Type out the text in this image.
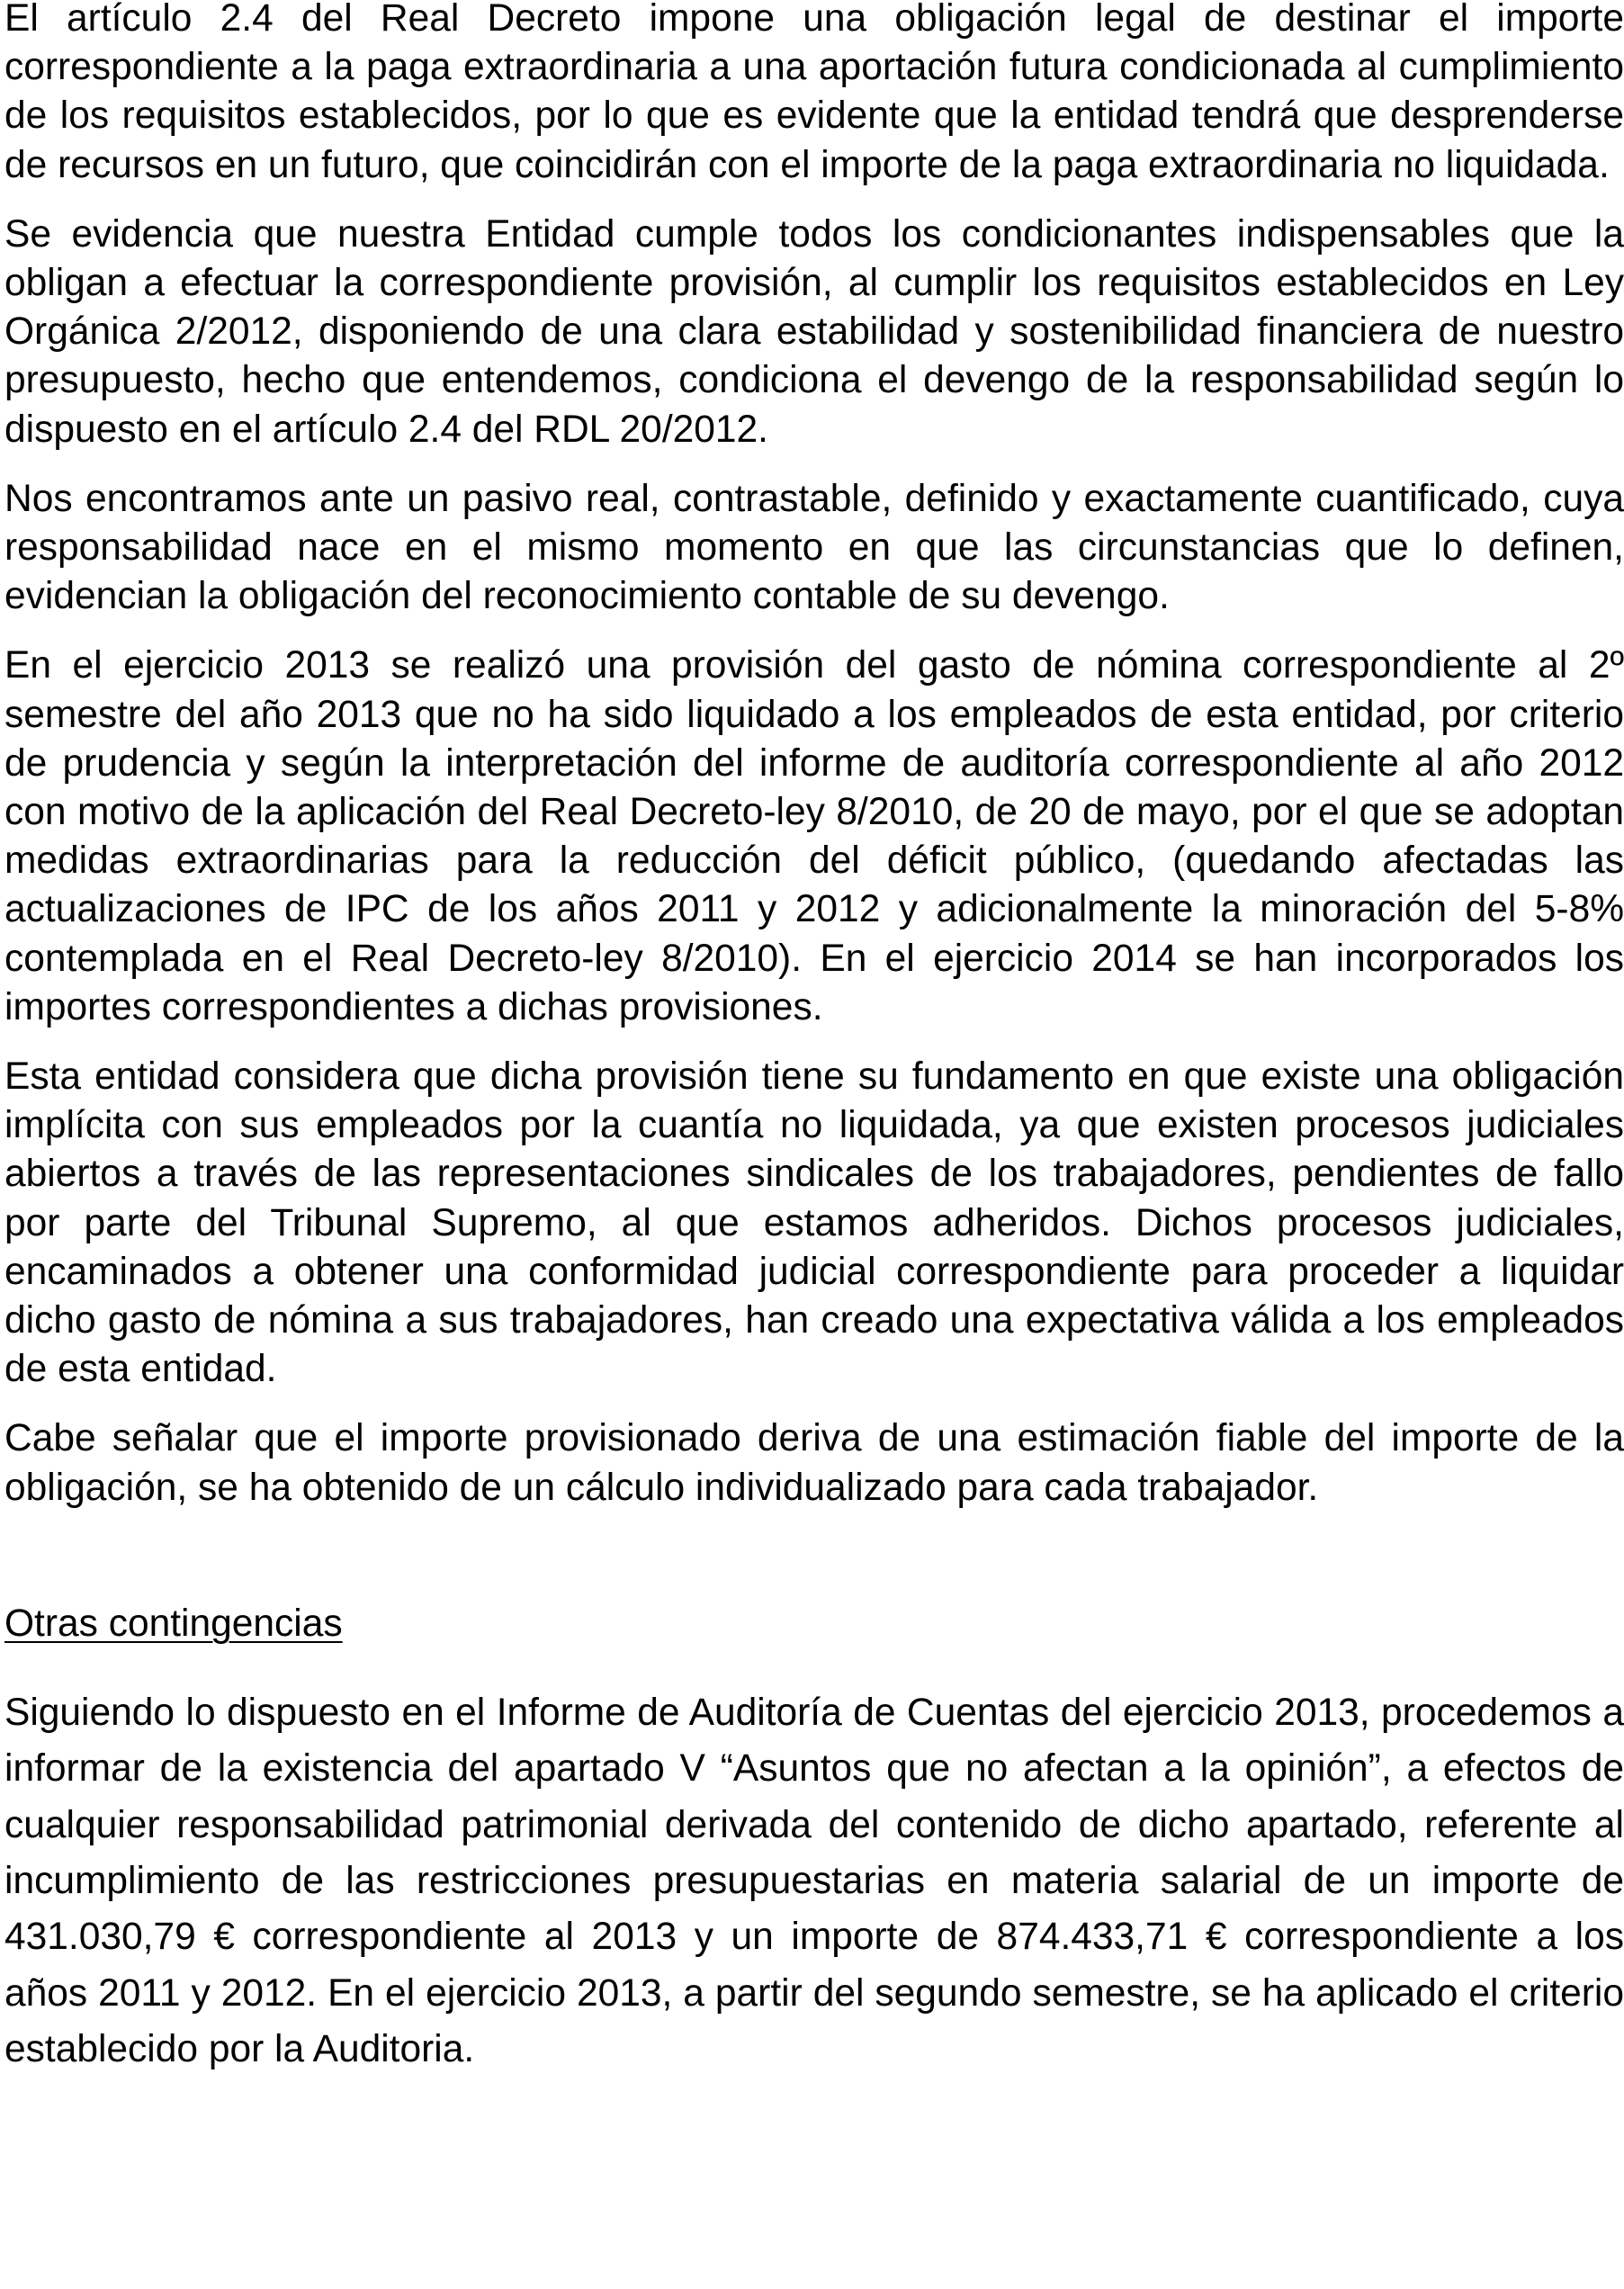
El artículo 2.4 del Real Decreto impone una obligación legal de destinar el importe correspondiente a la paga extraordinaria a una aportación futura condicionada al cumplimiento de los requisitos establecidos, por lo que es evidente que la entidad tendrá que desprenderse de recursos en un futuro, que coincidirán con el importe de la paga extraordinaria no liquidada.

Se evidencia que nuestra Entidad cumple todos los condicionantes indispensables que la obligan a efectuar la correspondiente provisión, al cumplir los requisitos establecidos en Ley Orgánica 2/2012, disponiendo de una clara estabilidad y sostenibilidad financiera de nuestro presupuesto, hecho que entendemos, condiciona el devengo de la responsabilidad según lo dispuesto en el artículo 2.4 del RDL 20/2012.

Nos encontramos ante un pasivo real, contrastable, definido y exactamente cuantificado, cuya responsabilidad nace en el mismo momento en que las circunstancias que lo definen, evidencian la obligación del reconocimiento contable de su devengo.

En el ejercicio 2013 se realizó una provisión del gasto de nómina correspondiente al 2º semestre del año 2013 que no ha sido liquidado a los empleados de esta entidad, por criterio de prudencia y según la interpretación del informe de auditoría correspondiente al año 2012 con motivo de la aplicación del Real Decreto-ley 8/2010, de 20 de mayo, por el que se adoptan medidas extraordinarias para la reducción del déficit público, (quedando afectadas las actualizaciones de IPC de los años 2011 y 2012 y adicionalmente la minoración del 5-8% contemplada en el Real Decreto-ley 8/2010). En el ejercicio 2014 se han incorporados los importes correspondientes a dichas provisiones.

Esta entidad considera que dicha provisión tiene su fundamento en que existe una obligación implícita con sus empleados por la cuantía no liquidada, ya que existen procesos judiciales abiertos a través de las representaciones sindicales de los trabajadores, pendientes de fallo por parte del Tribunal Supremo, al que estamos adheridos. Dichos procesos judiciales, encaminados a obtener una conformidad judicial correspondiente para proceder a liquidar dicho gasto de nómina a sus trabajadores, han creado una expectativa válida a los empleados de esta entidad.

Cabe señalar que el importe provisionado deriva de una estimación fiable del importe de la obligación, se ha obtenido de un cálculo individualizado para cada trabajador.

Otras contingencias

Siguiendo lo dispuesto en el Informe de Auditoría de Cuentas del ejercicio 2013, procedemos a informar de la existencia del apartado V “Asuntos que no afectan a la opinión”, a efectos de cualquier responsabilidad patrimonial derivada del contenido de dicho apartado, referente al incumplimiento de las restricciones presupuestarias en materia salarial de un importe de 431.030,79 € correspondiente al 2013 y un importe de 874.433,71 € correspondiente a los años 2011 y 2012. En el ejercicio 2013, a partir del segundo semestre, se ha aplicado el criterio establecido por la Auditoria.
